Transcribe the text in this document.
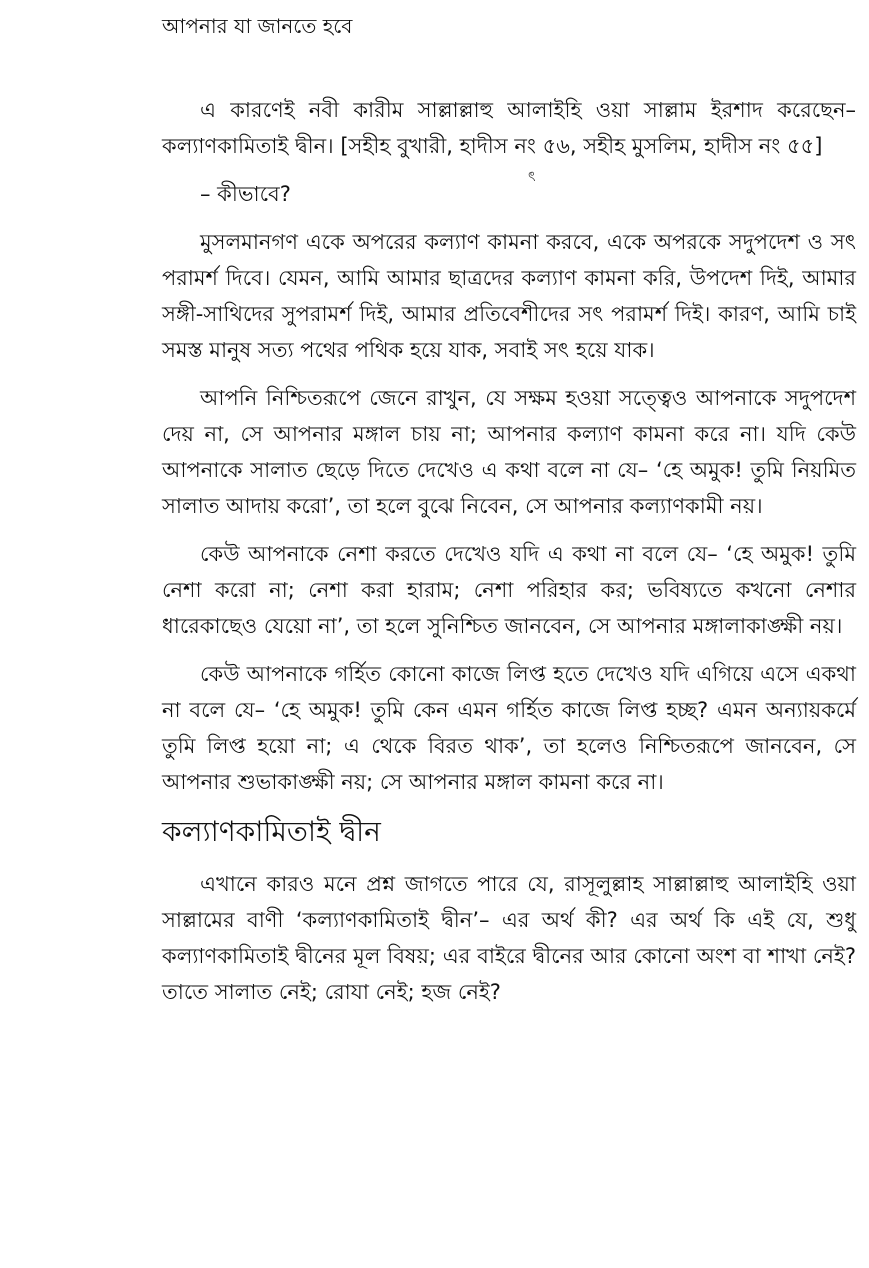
আপনার যা জানতে হবে
ৎ

এ কারণেই নবী কারীম সাল্লাল্লাহু আলাইহি ওয়া সাল্লাম ইরশাদ করেছেন– কল্যাণকামিতাই দ্বীন। [সহীহ বুখারী, হাদীস নং ৫৬, সহীহ মুসলিম, হাদীস নং ৫৫]

– কীভাবে?

মুসলমানগণ একে অপরের কল্যাণ কামনা করবে, একে অপরকে সদুপদেশ ও সৎ পরামর্শ দিবে। যেমন, আমি আমার ছাত্রদের কল্যাণ কামনা করি, উপদেশ দিই, আমার সঙ্গী-সাথিদের সুপরামর্শ দিই, আমার প্রতিবেশীদের সৎ পরামর্শ দিই। কারণ, আমি চাই সমস্ত মানুষ সত্য পথের পথিক হয়ে যাক, সবাই সৎ হয়ে যাক।

আপনি নিশ্চিতরূপে জেনে রাখুন, যে সক্ষম হওয়া সত্ত্বেও আপনাকে সদুপদেশ দেয় না, সে আপনার মঙ্গাল চায় না; আপনার কল্যাণ কামনা করে না। যদি কেউ আপনাকে সালাত ছেড়ে দিতে দেখেও এ কথা বলে না যে– ‘হে অমুক! তুমি নিয়মিত সালাত আদায় করো’, তা হলে বুঝে নিবেন, সে আপনার কল্যাণকামী নয়।

কেউ আপনাকে নেশা করতে দেখেও যদি এ কথা না বলে যে– ‘হে অমুক! তুমি নেশা করো না; নেশা করা হারাম; নেশা পরিহার কর; ভবিষ্যতে কখনো নেশার ধারেকাছেও যেয়ো না’, তা হলে সুনিশ্চিত জানবেন, সে আপনার মঙ্গালাকাঙ্ক্ষী নয়।

কেউ আপনাকে গর্হিত কোনো কাজে লিপ্ত হতে দেখেও যদি এগিয়ে এসে একথা না বলে যে– ‘হে অমুক! তুমি কেন এমন গর্হিত কাজে লিপ্ত হচ্ছ? এমন অন্যায়কর্মে তুমি লিপ্ত হয়ো না; এ থেকে বিরত থাক’, তা হলেও নিশ্চিতরূপে জানবেন, সে আপনার শুভাকাঙ্ক্ষী নয়; সে আপনার মঙ্গাল কামনা করে না।

কল্যাণকামিতাই দ্বীন

এখানে কারও মনে প্রশ্ন জাগতে পারে যে, রাসূলুল্লাহ সাল্লাল্লাহু আলাইহি ওয়া সাল্লামের বাণী ‘কল্যাণকামিতাই দ্বীন’– এর অর্থ কী? এর অর্থ কি এই যে, শুধু কল্যাণকামিতাই দ্বীনের মূল বিষয়; এর বাইরে দ্বীনের আর কোনো অংশ বা শাখা নেই? তাতে সালাত নেই; রোযা নেই; হজ নেই?
